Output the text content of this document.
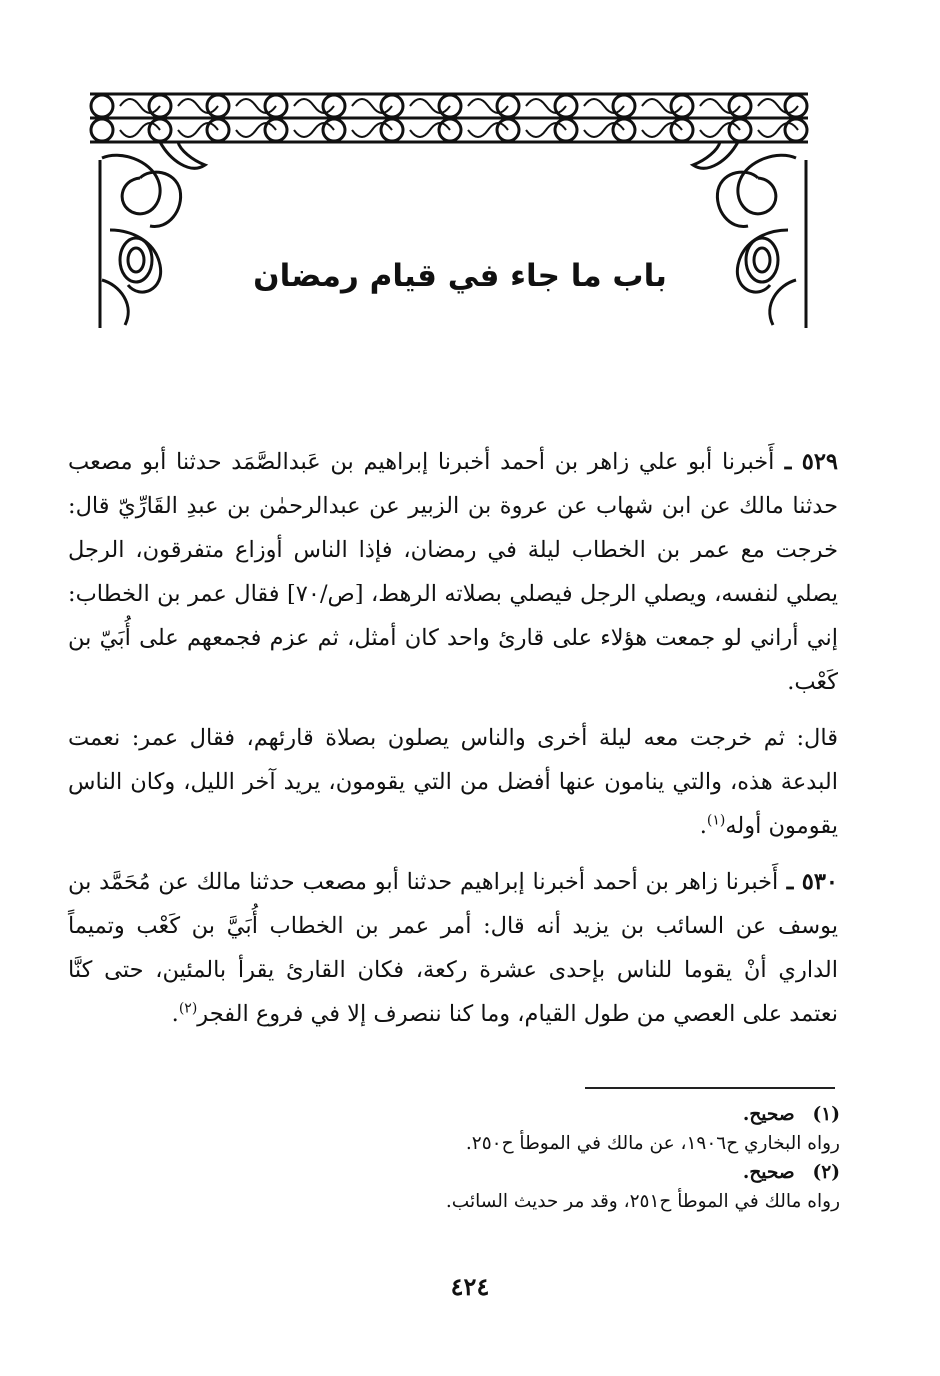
باب ما جاء في قيام رمضان

٥٢٩ ـ أَخبرنا أبو علي زاهر بن أحمد أخبرنا إبراهيم بن عَبدالصَّمَد حدثنا أبو مصعب حدثنا مالك عن ابن شهاب عن عروة بن الزبير عن عبدالرحمٰن بن عبدِ القَارِّيّ قال: خرجت مع عمر بن الخطاب ليلة في رمضان، فإذا الناس أوزاع متفرقون، الرجل يصلي لنفسه، ويصلي الرجل فيصلي بصلاته الرهط، [ص/٧٠] فقال عمر بن الخطاب: إني أراني لو جمعت هؤلاء على قارئ واحد كان أمثل، ثم عزم فجمعهم على أُبَيّ بن كَعْب.

قال: ثم خرجت معه ليلة أخرى والناس يصلون بصلاة قارئهم، فقال عمر: نعمت البدعة هذه، والتي ينامون عنها أفضل من التي يقومون، يريد آخر الليل، وكان الناس يقومون أوله$^{(١)}$.

٥٣٠ ـ أَخبرنا زاهر بن أحمد أخبرنا إبراهيم حدثنا أبو مصعب حدثنا مالك عن مُحَمَّد بن يوسف عن السائب بن يزيد أنه قال: أمر عمر بن الخطاب أُبَيَّ بن كَعْب وتميماً الداري أنْ يقوما للناس بإحدى عشرة ركعة، فكان القارئ يقرأ بالمئين، حتى كنَّا نعتمد على العصي من طول القيام، وما كنا ننصرف إلا في فروع الفجر$^{(٢)}$.

(١)صحيح.
رواه البخاري ح١٩٠٦، عن مالك في الموطأ ح٢٥٠.
(٢)صحيح.
رواه مالك في الموطأ ح٢٥١، وقد مر حديث السائب.
٤٢٤
